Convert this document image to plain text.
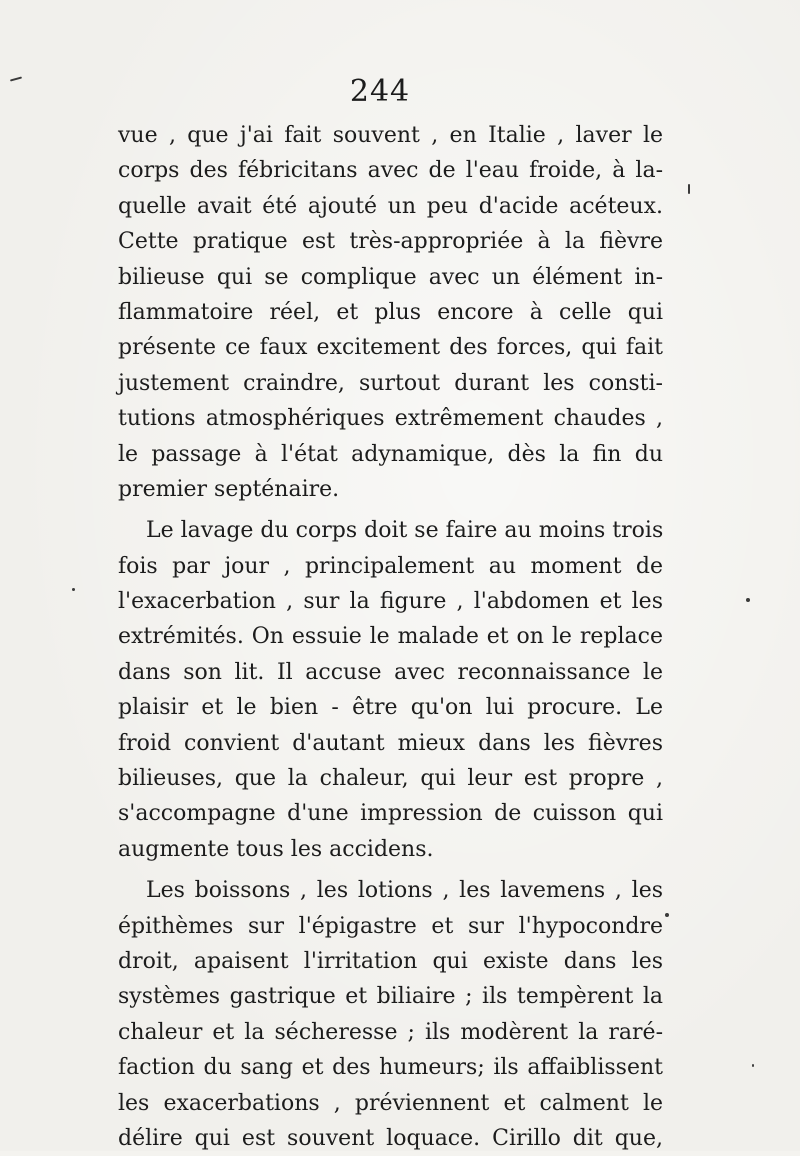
244
vue , que j'ai fait souvent , en Italie , laver le
corps des fébricitans avec de l'eau froide, à la-
quelle avait été ajouté un peu d'acide acéteux.
Cette pratique est très-appropriée à la fièvre
bilieuse qui se complique avec un élément in-
flammatoire réel, et plus encore à celle qui
présente ce faux excitement des forces, qui fait
justement craindre, surtout durant les consti-
tutions atmosphériques extrêmement chaudes ,
le passage à l'état adynamique, dès la fin du
premier septénaire.
Le lavage du corps doit se faire au moins trois
fois par jour , principalement au moment de
l'exacerbation , sur la figure , l'abdomen et les
extrémités. On essuie le malade et on le replace
dans son lit. Il accuse avec reconnaissance le
plaisir et le bien - être qu'on lui procure. Le
froid convient d'autant mieux dans les fièvres
bilieuses, que la chaleur, qui leur est propre ,
s'accompagne d'une impression de cuisson qui
augmente tous les accidens.
Les boissons , les lotions , les lavemens , les
épithèmes sur l'épigastre et sur l'hypocondre
droit, apaisent l'irritation qui existe dans les
systèmes gastrique et biliaire ; ils tempèrent la
chaleur et la sécheresse ; ils modèrent la raré-
faction du sang et des humeurs; ils affaiblissent
les exacerbations , préviennent et calment le
délire qui est souvent loquace. Cirillo dit que,
